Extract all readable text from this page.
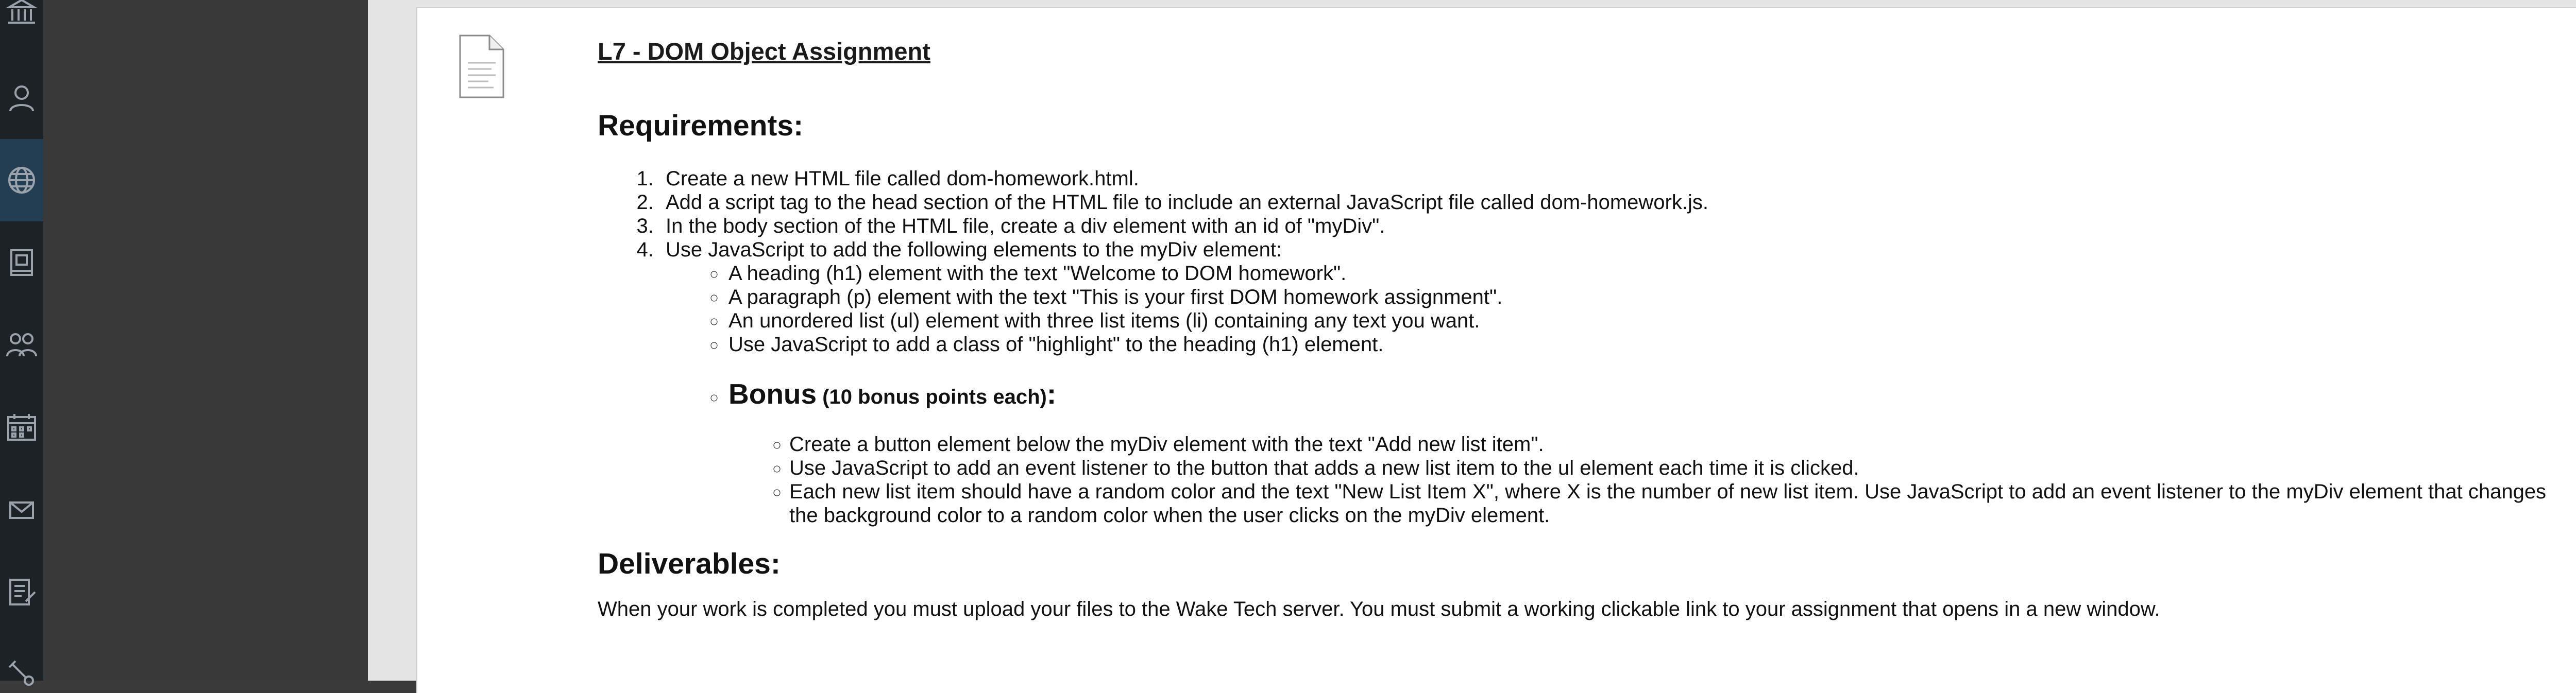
L7 - DOM Object Assignment
Requirements:
1. Create a new HTML file called dom-homework.html.
2. Add a script tag to the head section of the HTML file to include an external JavaScript file called dom-homework.js.
3. In the body section of the HTML file, create a div element with an id of "myDiv".
4. Use JavaScript to add the following elements to the myDiv element:
◦ A heading (h1) element with the text "Welcome to DOM homework".
◦ A paragraph (p) element with the text "This is your first DOM homework assignment".
◦ An unordered list (ul) element with three list items (li) containing any text you want.
◦ Use JavaScript to add a class of "highlight" to the heading (h1) element.
◦ Bonus (10 bonus points each):
◦ Create a button element below the myDiv element with the text "Add new list item".
◦ Use JavaScript to add an event listener to the button that adds a new list item to the ul element each time it is clicked.
◦ Each new list item should have a random color and the text "New List Item X", where X is the number of new list item. Use JavaScript to add an event listener to the myDiv element that changes the background color to a random color when the user clicks on the myDiv element.
Deliverables:

When your work is completed you must upload your files to the Wake Tech server. You must submit a working clickable link to your assignment that opens in a new window.
